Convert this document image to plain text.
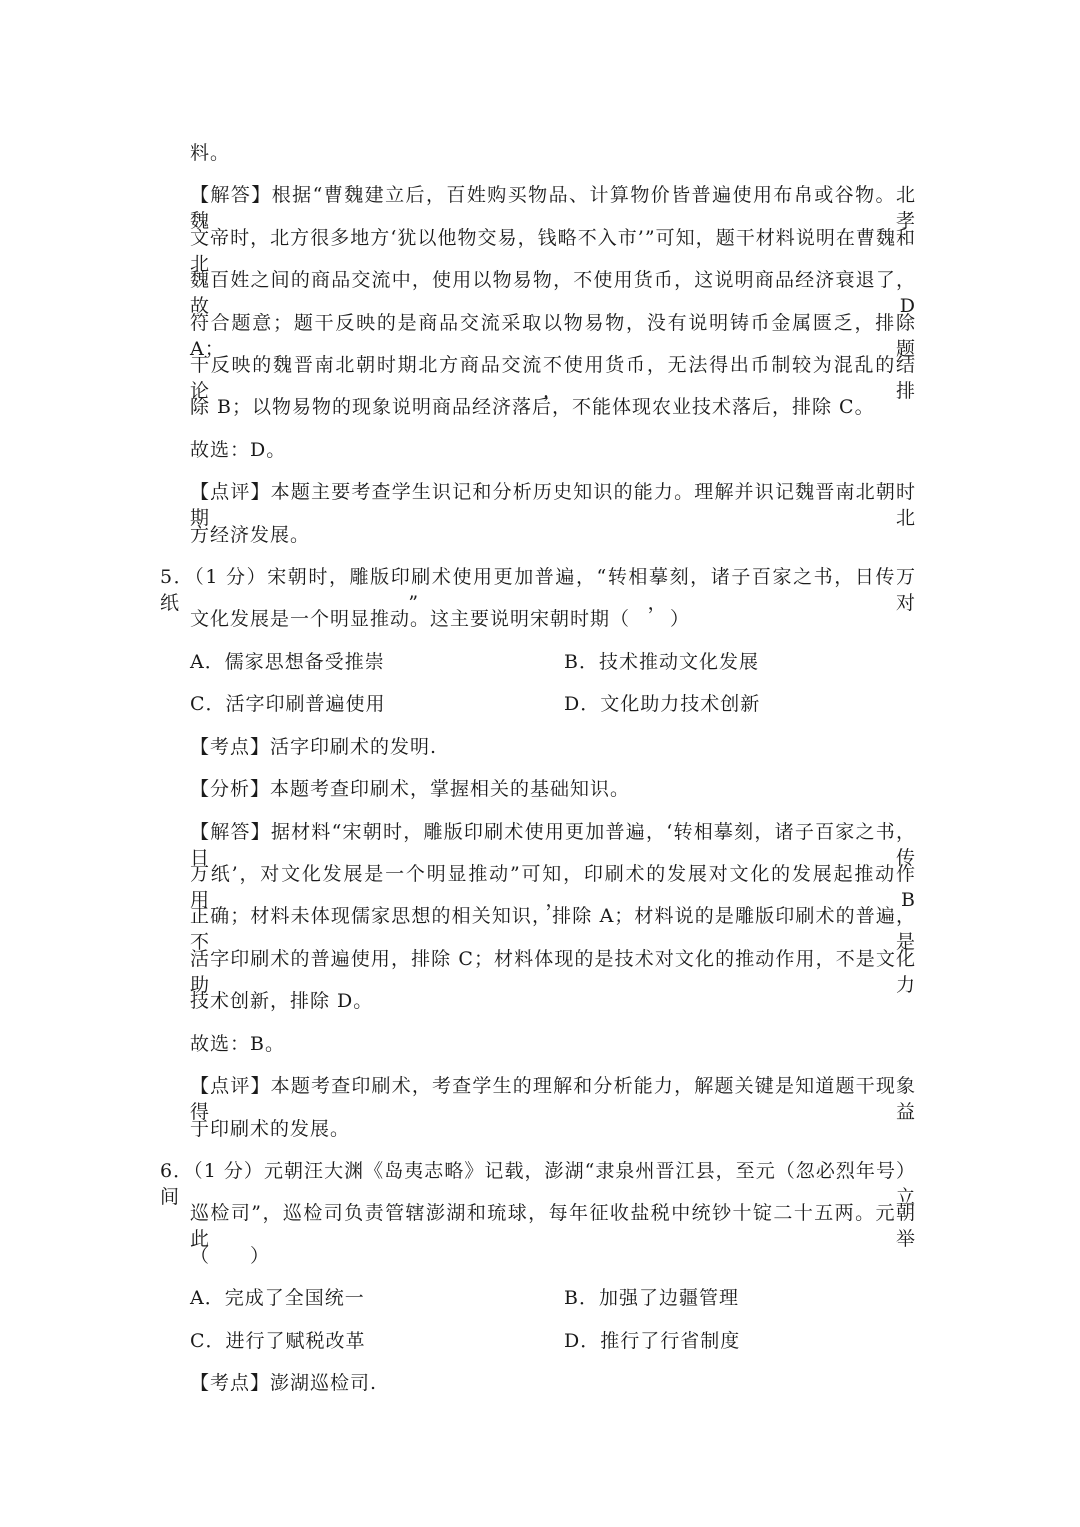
料。
【解答】根据“曹魏建立后，百姓购买物品、计算物价皆普遍使用布帛或谷物。北魏孝
文帝时，北方很多地方‘犹以他物交易，钱略不入市’”可知，题干材料说明在曹魏和北
魏百姓之间的商品交流中，使用以物易物，不使用货币，这说明商品经济衰退了，故 D
符合题意；题干反映的是商品交流采取以物易物，没有说明铸币金属匮乏，排除 A；题
干反映的魏晋南北朝时期北方商品交流不使用货币，无法得出币制较为混乱的结论，排
除 B；以物易物的现象说明商品经济落后，不能体现农业技术落后，排除 C。
故选：D。
【点评】本题主要考查学生识记和分析历史知识的能力。理解并识记魏晋南北朝时期北
方经济发展。
5．（1 分）宋朝时，雕版印刷术使用更加普遍，“转相摹刻，诸子百家之书，日传万纸”，对
文化发展是一个明显推动。这主要说明宋朝时期（　　）
A．儒家思想备受推崇	B．技术推动文化发展
C．活字印刷普遍使用	D．文化助力技术创新
【考点】活字印刷术的发明.
【分析】本题考查印刷术，掌握相关的基础知识。
【解答】据材料“宋朝时，雕版印刷术使用更加普遍，‘转相摹刻，诸子百家之书，日传
万纸’，对文化发展是一个明显推动”可知，印刷术的发展对文化的发展起推动作用，B
正确；材料未体现儒家思想的相关知识，排除 A；材料说的是雕版印刷术的普遍，不是
活字印刷术的普遍使用，排除 C；材料体现的是技术对文化的推动作用，不是文化助力
技术创新，排除 D。
故选：B。
【点评】本题考查印刷术，考查学生的理解和分析能力，解题关键是知道题干现象得益
于印刷术的发展。
6．（1 分）元朝汪大渊《岛夷志略》记载，澎湖“隶泉州晋江县，至元（忽必烈年号）间立
巡检司”，巡检司负责管辖澎湖和琉球，每年征收盐税中统钞十锭二十五两。元朝此举
（　　）
A．完成了全国统一	B．加强了边疆管理
C．进行了赋税改革	D．推行了行省制度
【考点】澎湖巡检司.
